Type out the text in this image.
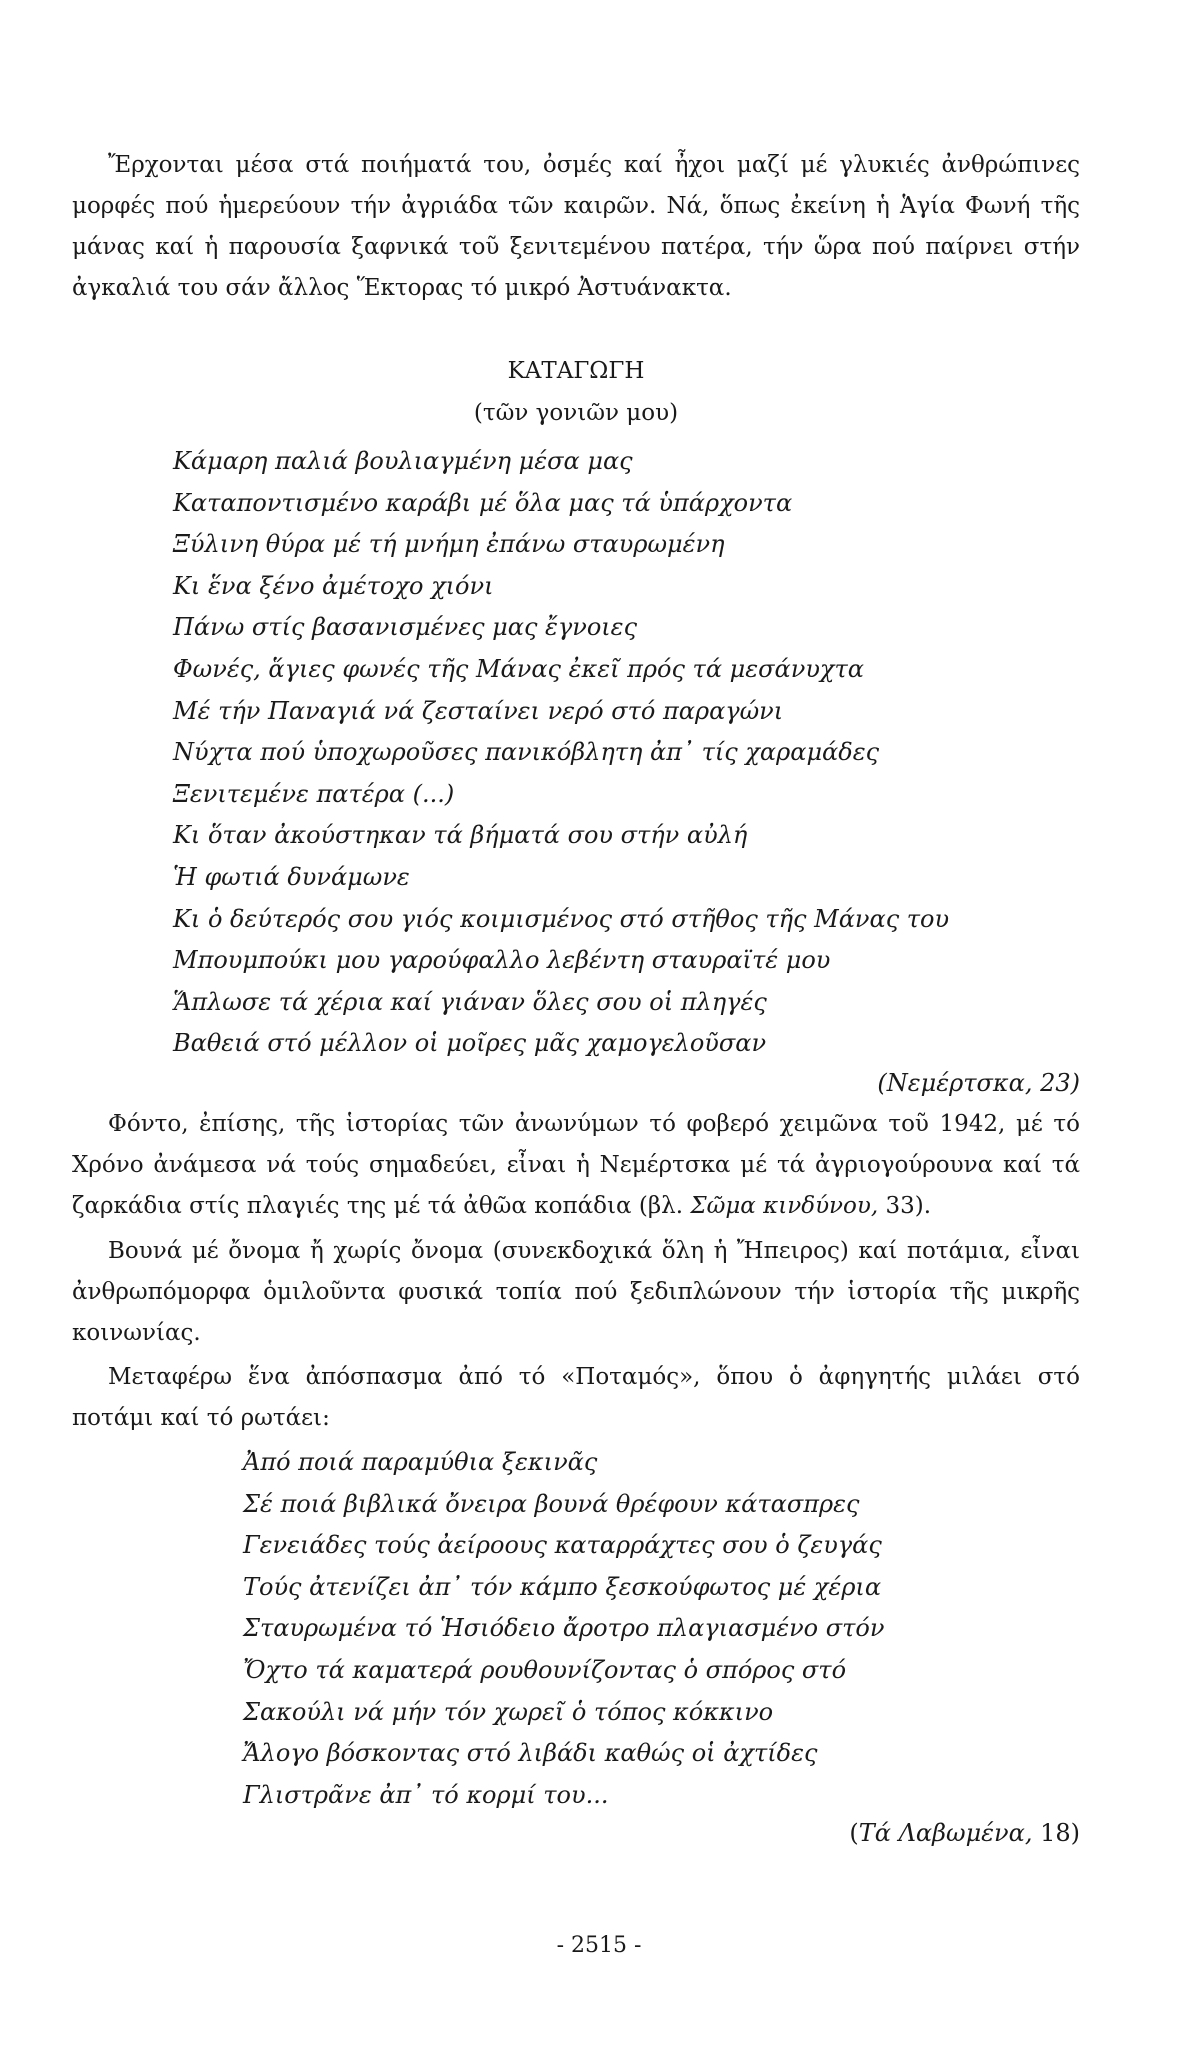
Ἔρχονται μέσα στά ποιήματά του, ὀσμές καί ἦχοι μαζί μέ γλυκιές ἀνθρώπινες μορφές πού ἡμερεύουν τήν ἀγριάδα τῶν καιρῶν. Νά, ὅπως ἐκείνη ἡ Ἁγία Φωνή τῆς μάνας καί ἡ παρουσία ξαφνικά τοῦ ξενιτεμένου πατέρα, τήν ὥρα πού παίρνει στήν ἀγκαλιά του σάν ἄλλος Ἕκτορας τό μικρό Ἀστυάνακτα.

ΚΑΤΑΓΩΓΗ

(τῶν γονιῶν μου)

Κάμαρη παλιά βουλιαγμένη μέσα μας
Καταποντισμένο καράβι μέ ὅλα μας τά ὑπάρχοντα
Ξύλινη θύρα μέ τή μνήμη ἐπάνω σταυρωμένη
Κι ἕνα ξένο ἀμέτοχο χιόνι
Πάνω στίς βασανισμένες μας ἔγνοιες
Φωνές, ἅγιες φωνές τῆς Μάνας ἐκεῖ πρός τά μεσάνυχτα
Μέ τήν Παναγιά νά ζεσταίνει νερό στό παραγώνι
Νύχτα πού ὑποχωροῦσες πανικόβλητη ἀπ᾿ τίς χαραμάδες
Ξενιτεμένε πατέρα (...)
Κι ὅταν ἀκούστηκαν τά βήματά σου στήν αὐλή
Ἡ φωτιά δυνάμωνε
Κι ὁ δεύτερός σου γιός κοιμισμένος στό στῆθος τῆς Μάνας του
Μπουμπούκι μου γαρούφαλλο λεβέντη σταυραϊτέ μου
Ἅπλωσε τά χέρια καί γιάναν ὅλες σου οἱ πληγές
Βαθειά στό μέλλον οἱ μοῖρες μᾶς χαμογελοῦσαν
(Νεμέρτσκα, 23)

Φόντο, ἐπίσης, τῆς ἱστορίας τῶν ἀνωνύμων τό φοβερό χειμῶνα τοῦ 1942, μέ τό Χρόνο ἀνάμεσα νά τούς σημαδεύει, εἶναι ἡ Νεμέρτσκα μέ τά ἀγριογούρουνα καί τά ζαρκάδια στίς πλαγιές της μέ τά ἀθῶα κοπάδια (βλ. Σῶμα κινδύνου, 33).

Βουνά μέ ὄνομα ἤ χωρίς ὄνομα (συνεκδοχικά ὅλη ἡ Ἤπειρος) καί ποτάμια, εἶναι ἀνθρωπόμορφα ὁμιλοῦντα φυσικά τοπία πού ξεδιπλώνουν τήν ἱστορία τῆς μικρῆς κοινωνίας.

Μεταφέρω ἕνα ἀπόσπασμα ἀπό τό «Ποταμός», ὅπου ὁ ἀφηγητής μιλάει στό ποτάμι καί τό ρωτάει:

Ἀπό ποιά παραμύθια ξεκινᾶς
Σέ ποιά βιβλικά ὄνειρα βουνά θρέφουν κάτασπρες
Γενειάδες τούς ἀείροους καταρράχτες σου ὁ ζευγάς
Τούς ἀτενίζει ἀπ᾿ τόν κάμπο ξεσκούφωτος μέ χέρια
Σταυρωμένα τό Ἡσιόδειο ἄροτρο πλαγιασμένο στόν
Ὄχτο τά καματερά ρουθουνίζοντας ὁ σπόρος στό
Σακούλι νά μήν τόν χωρεῖ ὁ τόπος κόκκινο
Ἄλογο βόσκοντας στό λιβάδι καθώς οἱ ἀχτίδες
Γλιστρᾶνε ἀπ᾿ τό κορμί του...
(Τά Λαβωμένα, 18)
- 2515 -
